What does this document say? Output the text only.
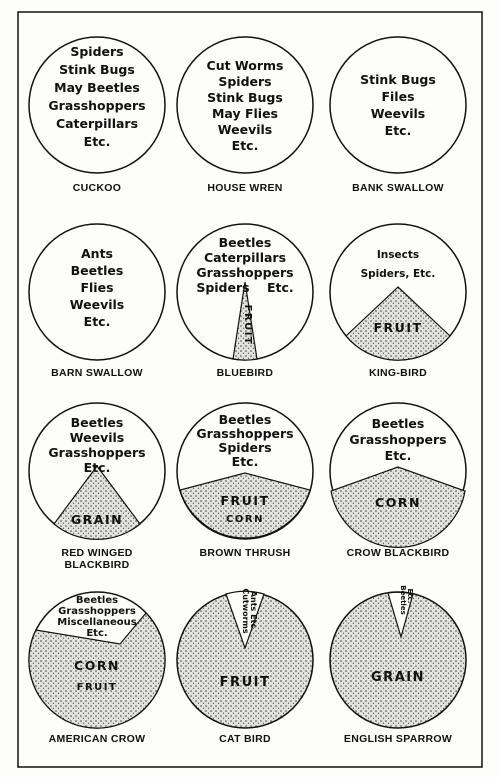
Spiders
Stink Bugs
May Beetles
Grasshoppers
Caterpillars
Etc.
CUCKOO
Cut Worms
Spiders
Stink Bugs
May Flies
Weevils
Etc.
HOUSE WREN
Stink Bugs
Files
Weevils
Etc.
BANK SWALLOW
Ants
Beetles
Flies
Weevils
Etc.
BARN SWALLOW
Beetles
Caterpillars
Grasshoppers
Spiders    Etc.
FRUIT
BLUEBIRD
Insects
Spiders, Etc.
FRUIT
KING-BIRD
Beetles
Weevils
Grasshoppers
Etc.
GRAIN
RED WINGED
BLACKBIRD
Beetles
Grasshoppers
Spiders
Etc.
FRUIT
CORN
BROWN THRUSH
Beetles
Grasshoppers
Etc.
CORN
CROW BLACKBIRD
Beetles
Grasshoppers
Miscellaneous
Etc.
CORN
FRUIT
AMERICAN CROW
Cutworms Ants Etc.
FRUIT
CAT BIRD
Beetles Etc.
GRAIN
ENGLISH SPARROW
